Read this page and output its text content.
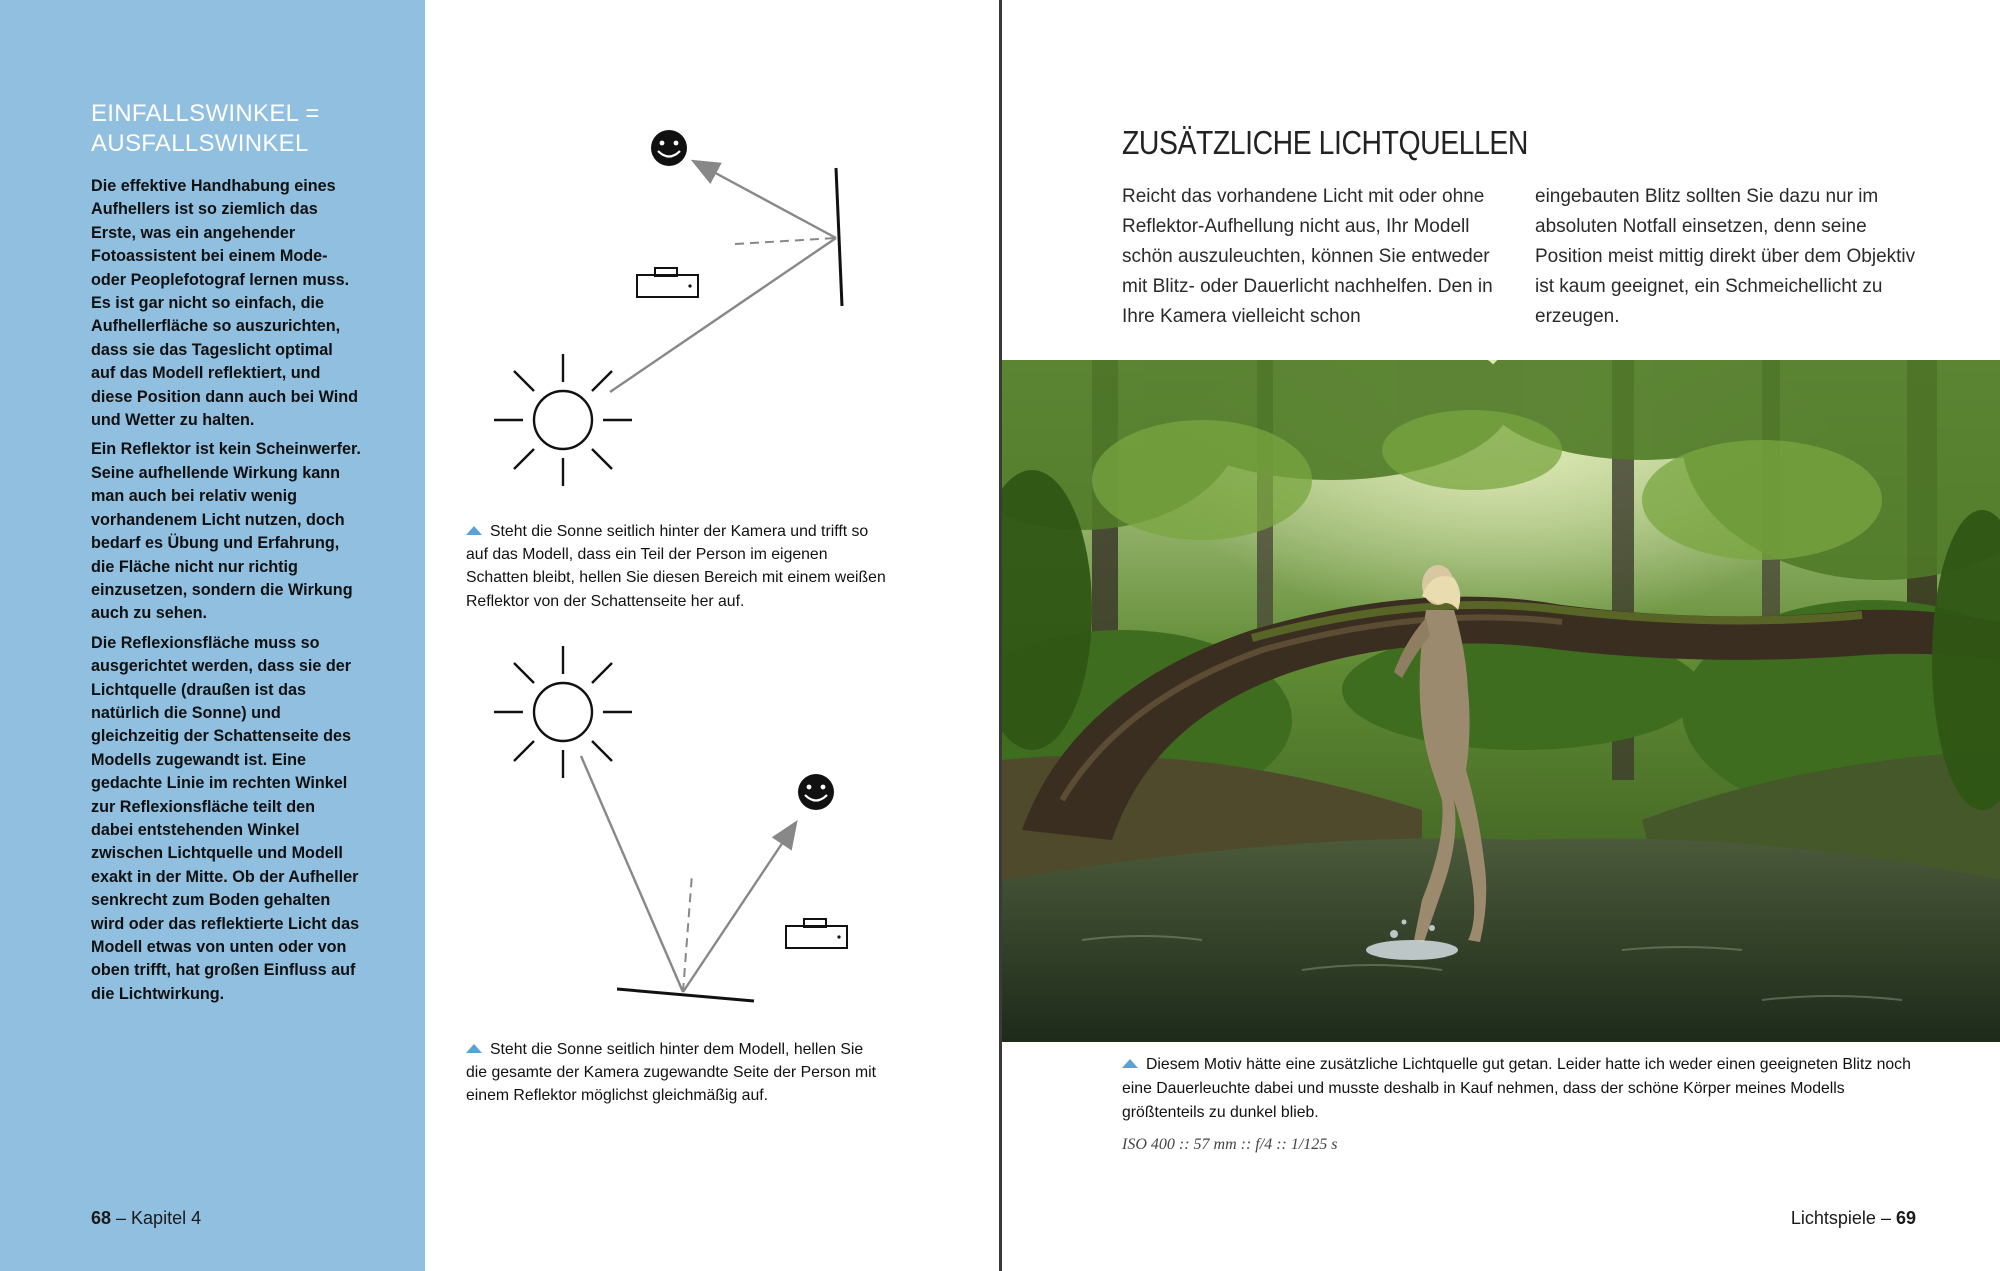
EINFALLSWINKEL =
AUSFALLSWINKEL

Die effektive Handhabung eines Aufhellers ist so ziemlich das Erste, was ein angehender Fotoassistent bei einem Mode- oder Peoplefotograf lernen muss. Es ist gar nicht so einfach, die Aufhellerfläche so auszurichten, dass sie das Tageslicht optimal auf das Modell reflektiert, und diese Position dann auch bei Wind und Wetter zu halten.

Ein Reflektor ist kein Scheinwerfer. Seine aufhellende Wirkung kann man auch bei relativ wenig vorhandenem Licht nutzen, doch bedarf es Übung und Erfahrung, die Fläche nicht nur richtig einzusetzen, sondern die Wirkung auch zu sehen.

Die Reflexionsfläche muss so ausgerichtet werden, dass sie der Lichtquelle (draußen ist das natürlich die Sonne) und gleichzeitig der Schattenseite des Modells zugewandt ist. Eine gedachte Linie im rechten Winkel zur Reflexionsfläche teilt den dabei entstehenden Winkel zwischen Lichtquelle und Modell exakt in der Mitte. Ob der Aufheller senkrecht zum Boden gehalten wird oder das reflektierte Licht das Modell etwas von unten oder von oben trifft, hat großen Einfluss auf die Lichtwirkung.

68 – Kapitel 4
Steht die Sonne seitlich hinter der Kamera und trifft so auf das Modell, dass ein Teil der Person im eigenen Schatten bleibt, hellen Sie diesen Bereich mit einem weißen Reflektor von der Schattenseite her auf.
Steht die Sonne seitlich hinter dem Modell, hellen Sie die gesamte der Kamera zugewandte Seite der Person mit einem Reflektor möglichst gleichmäßig auf.
ZUSÄTZLICHE LICHTQUELLEN
Reicht das vorhandene Licht mit oder ohne Reflektor-Aufhellung nicht aus, Ihr Modell schön auszuleuchten, können Sie entweder mit Blitz- oder Dauerlicht nachhelfen. Den in Ihre Kamera vielleicht schon
eingebauten Blitz sollten Sie dazu nur im absoluten Notfall einsetzen, denn seine Position meist mittig direkt über dem Objektiv ist kaum geeignet, ein Schmeichellicht zu erzeugen.
Diesem Motiv hätte eine zusätzliche Lichtquelle gut getan. Leider hatte ich weder einen geeigneten Blitz noch eine Dauerleuchte dabei und musste deshalb in Kauf nehmen, dass der schöne Körper meines Modells größtenteils zu dunkel blieb.
ISO 400 :: 57 mm :: f/4 :: 1/125 s
Lichtspiele – 69
